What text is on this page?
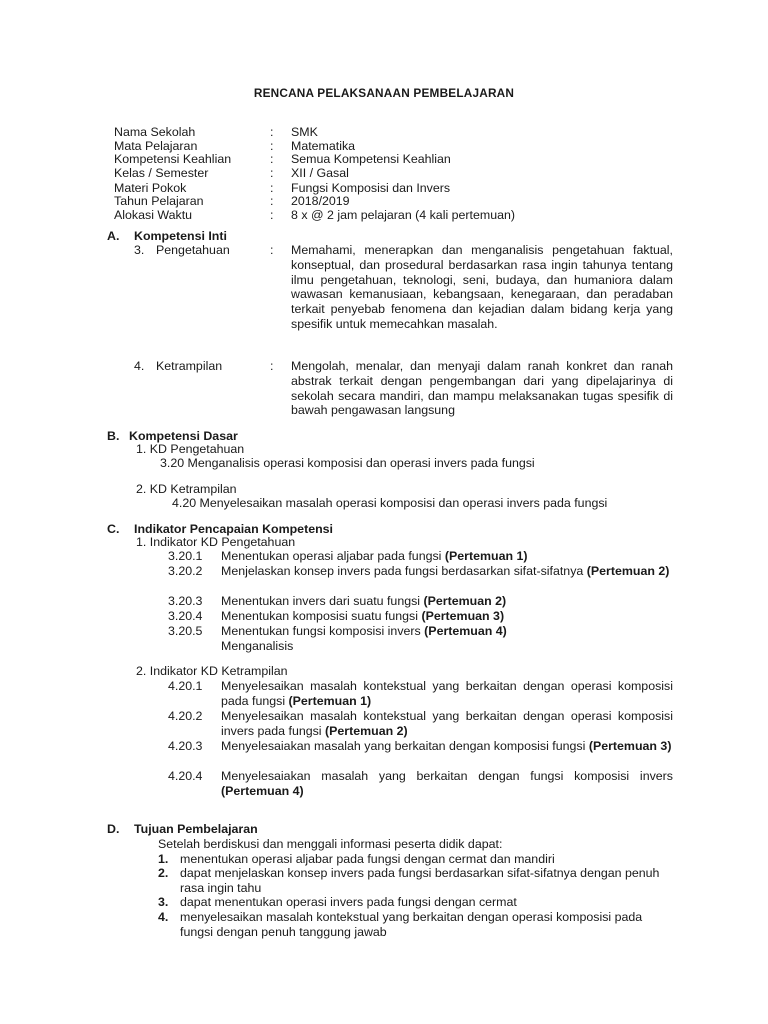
RENCANA PELAKSANAAN PEMBELAJARAN
Nama Sekolah	: SMK
Mata Pelajaran	: Matematika
Kompetensi Keahlian	: Semua Kompetensi Keahlian
Kelas / Semester	: XII / Gasal
Materi Pokok	: Fungsi Komposisi dan Invers
Tahun Pelajaran	: 2018/2019
Alokasi Waktu	: 8 x @ 2 jam pelajaran (4 kali pertemuan)
A. Kompetensi Inti
3. Pengetahuan	: Memahami, menerapkan dan menganalisis pengetahuan faktual, konseptual, dan prosedural berdasarkan rasa ingin tahunya tentang ilmu pengetahuan, teknologi, seni, budaya, dan humaniora dalam wawasan kemanusiaan, kebangsaan, kenegaraan, dan peradaban terkait penyebab fenomena dan kejadian dalam bidang kerja yang spesifik untuk memecahkan masalah.
4. Ketrampilan	: Mengolah, menalar, dan menyaji dalam ranah konkret dan ranah abstrak terkait dengan pengembangan dari yang dipelajarinya di sekolah secara mandiri, dan mampu melaksanakan tugas spesifik di bawah pengawasan langsung
B. Kompetensi Dasar
1. KD Pengetahuan
3.20 Menganalisis operasi komposisi dan operasi invers pada fungsi
2. KD Ketrampilan
4.20 Menyelesaikan masalah operasi komposisi dan operasi invers pada fungsi
C. Indikator Pencapaian Kompetensi
1. Indikator KD Pengetahuan
3.20.1 Menentukan operasi aljabar pada fungsi (Pertemuan 1)
3.20.2 Menjelaskan konsep invers pada fungsi berdasarkan sifat-sifatnya (Pertemuan 2)
3.20.3 Menentukan invers dari suatu fungsi (Pertemuan 2)
3.20.4 Menentukan komposisi suatu fungsi (Pertemuan 3)
3.20.5 Menentukan fungsi komposisi invers (Pertemuan 4)
Menganalisis
2. Indikator KD Ketrampilan
4.20.1 Menyelesaikan masalah kontekstual yang berkaitan dengan operasi komposisi pada fungsi (Pertemuan 1)
4.20.2 Menyelesaikan masalah kontekstual yang berkaitan dengan operasi komposisi invers pada fungsi (Pertemuan 2)
4.20.3 Menyelesaiakan masalah yang berkaitan dengan komposisi fungsi (Pertemuan 3)
4.20.4 Menyelesaiakan masalah yang berkaitan dengan fungsi komposisi invers (Pertemuan 4)
D. Tujuan Pembelajaran
Setelah berdiskusi dan menggali informasi peserta didik dapat:
1. menentukan operasi aljabar pada fungsi dengan cermat dan mandiri
2. dapat menjelaskan konsep invers pada fungsi berdasarkan sifat-sifatnya dengan penuh rasa ingin tahu
3. dapat menentukan operasi invers pada fungsi dengan cermat
4. menyelesaikan masalah kontekstual yang berkaitan dengan operasi komposisi pada fungsi dengan penuh tanggung jawab
